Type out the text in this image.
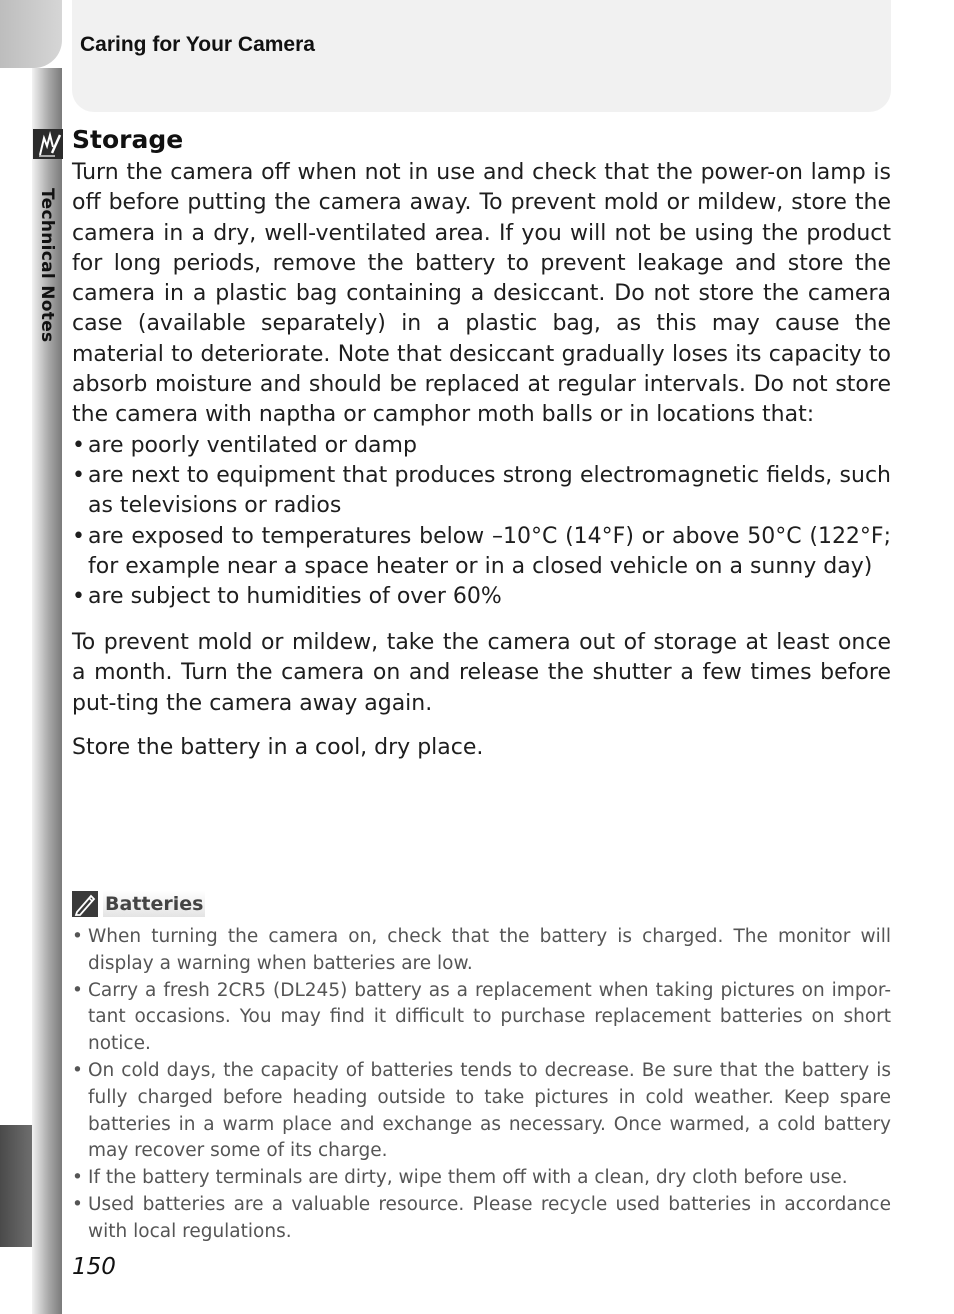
Technical Notes
Caring for Your Camera
Storage

Turn the camera off when not in use and check that the power-on lamp is off before putting the camera away. To prevent mold or mildew, store the camera in a dry, well-ventilated area. If you will not be using the product for long periods, remove the battery to prevent leakage and store the camera in a plastic bag containing a desiccant. Do not store the camera case (available separately) in a plastic bag, as this may cause the material to deteriorate. Note that desiccant gradually loses its capacity to absorb moisture and should be replaced at regular intervals. Do not store the camera with naptha or camphor moth balls or in locations that:

• are poorly ventilated or damp
• are next to equipment that produces strong electromagnetic fields, such as televisions or radios
• are exposed to temperatures below –10°C (14°F) or above 50°C (122°F; for example near a space heater or in a closed vehicle on a sunny day)
• are subject to humidities of over 60%

To prevent mold or mildew, take the camera out of storage at least once a month. Turn the camera on and release the shutter a few times before put-ting the camera away again.

Store the battery in a cool, dry place.

Batteries
• When turning the camera on, check that the battery is charged. The monitor will display a warning when batteries are low.
• Carry a fresh 2CR5 (DL245) battery as a replacement when taking pictures on impor-tant occasions. You may find it difficult to purchase replacement batteries on short notice.
• On cold days, the capacity of batteries tends to decrease. Be sure that the battery is fully charged before heading outside to take pictures in cold weather. Keep spare batteries in a warm place and exchange as necessary. Once warmed, a cold battery may recover some of its charge.
• If the battery terminals are dirty, wipe them off with a clean, dry cloth before use.
• Used batteries are a valuable resource. Please recycle used batteries in accordance with local regulations.
150
